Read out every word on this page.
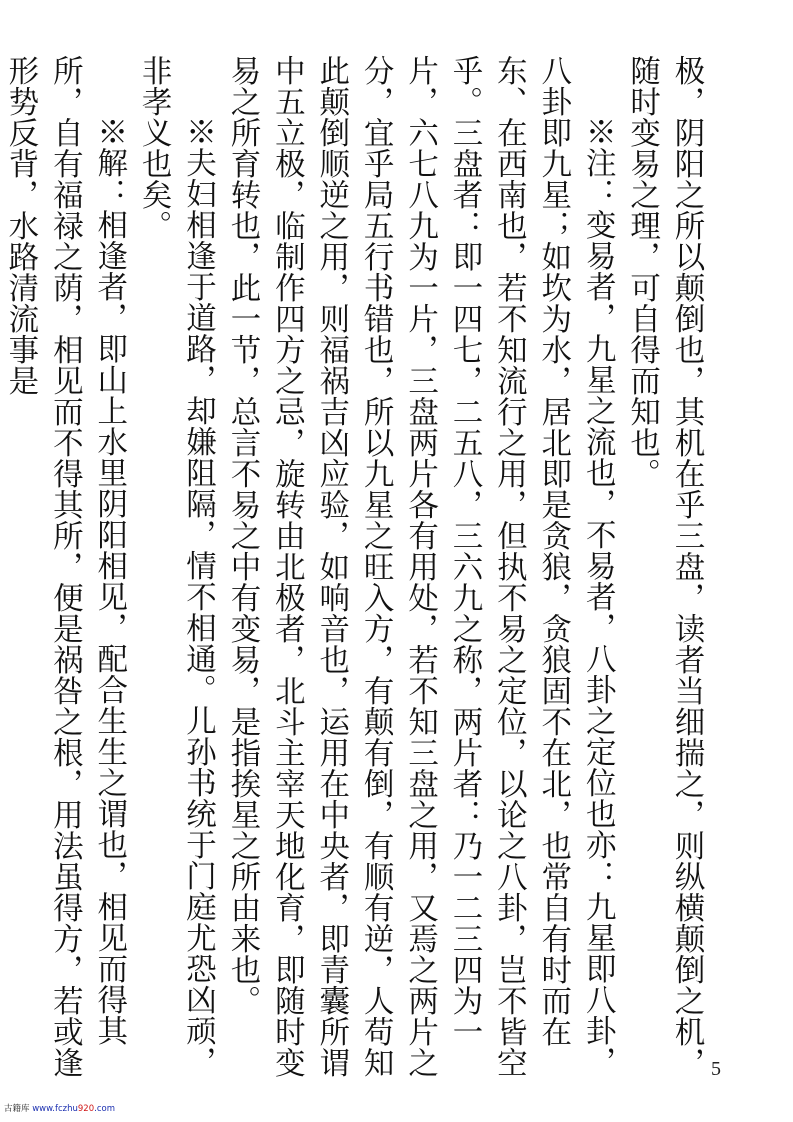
极，阴阳之所以颠倒也，其机在乎三盘，读者当细揣之，则纵横颠倒之机，随时变易之理，可自得而知也。

※注：变易者，九星之流也，不易者，八卦之定位也亦：九星即八卦，八卦即九星；如坎为水，居北即是贪狼，贪狼固不在北，也常自有时而在东、在西南也，若不知流行之用，但执不易之定位，以论之八卦，岂不皆空乎。三盘者：即一四七，二五八，三六九之称，两片者：乃一二三四为一片，六七八九为一片，三盘两片各有用处，若不知三盘之用，又焉之两片之分，宜乎局五行书错也，所以九星之旺入方，有颠有倒，有顺有逆，人苟知此颠倒顺逆之用，则福祸吉凶应验，如响音也，运用在中央者，即青囊所谓中五立极，临制作四方之忌，旋转由北极者，北斗主宰天地化育，即随时变易之所育转也，此一节，总言不易之中有变易，是指挨星之所由来也。

※夫妇相逢于道路，却嫌阻隔，情不相通。儿孙书统于门庭尤恐凶顽，非孝义也矣。

※解：相逢者，即山上水里阴阳相见，配合生生之谓也，相见而得其所，自有福禄之荫，相见而不得其所，便是祸咎之根，用法虽得方，若或逢形势反背，水路清流事是

5
古籍库 www.fczhu920.com
